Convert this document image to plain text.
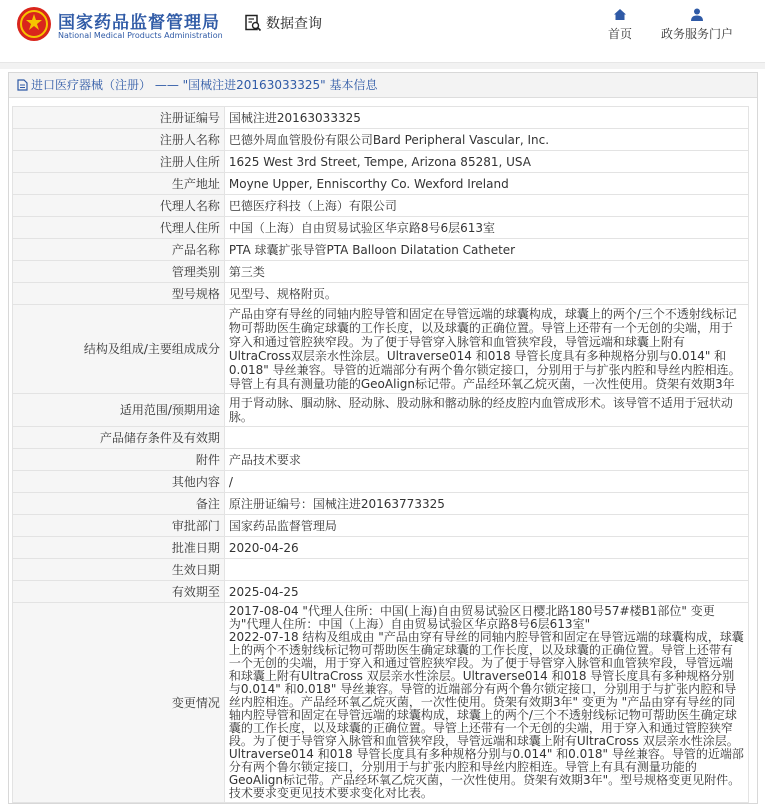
国家药品监督管理局
National Medical Products Administration
数据查询
首页	政务服务门户
进口医疗器械（注册） —— "国械注进20163033325" 基本信息
注册证编号	国械注进20163033325
注册人名称	巴德外周血管股份有限公司Bard Peripheral Vascular, Inc.
注册人住所	1625 West 3rd Street, Tempe, Arizona 85281, USA
生产地址	Moyne Upper, Enniscorthy Co. Wexford Ireland
代理人名称	巴德医疗科技（上海）有限公司
代理人住所	中国（上海）自由贸易试验区华京路8号6层613室
产品名称	PTA 球囊扩张导管PTA Balloon Dilatation Catheter
管理类别	第三类
型号规格	见型号、规格附页。
结构及组成/主要组成成分	产品由穿有导丝的同轴内腔导管和固定在导管远端的球囊构成，球囊上的两个/三个不透射线标记物可帮助医生确定球囊的工作长度，以及球囊的正确位置。导管上还带有一个无创的尖端，用于穿入和通过管腔狭窄段。为了便于导管穿入脉管和血管狭窄段，导管远端和球囊上附有UltraCross双层亲水性涂层。Ultraverse014 和018 导管长度具有多种规格分别与0.014" 和0.018" 导丝兼容。导管的近端部分有两个鲁尔锁定接口，分别用于与扩张内腔和导丝内腔相连。导管上有具有测量功能的GeoAlign标记带。产品经环氧乙烷灭菌，一次性使用。贷架有效期3年
适用范围/预期用途	用于肾动脉、腘动脉、胫动脉、股动脉和髂动脉的经皮腔内血管成形术。该导管不适用于冠状动脉。
产品储存条件及有效期	
附件	产品技术要求
其他内容	/
备注	原注册证编号：国械注进20163773325
审批部门	国家药品监督管理局
批准日期	2020-04-26
生效日期	
有效期至	2025-04-25
变更情况	2017-08-04 "代理人住所：中国(上海)自由贸易试验区日樱北路180号57#楼B1部位" 变更为"代理人住所：中国（上海）自由贸易试验区华京路8号6层613室"
2022-07-18 结构及组成由 "产品由穿有导丝的同轴内腔导管和固定在导管远端的球囊构成，球囊上的两个不透射线标记物可帮助医生确定球囊的工作长度，以及球囊的正确位置。导管上还带有一个无创的尖端，用于穿入和通过管腔狭窄段。为了便于导管穿入脉管和血管狭窄段，导管远端和球囊上附有UltraCross 双层亲水性涂层。Ultraverse014 和018 导管长度具有多种规格分别与0.014" 和0.018" 导丝兼容。导管的近端部分有两个鲁尔锁定接口，分别用于与扩张内腔和导丝内腔相连。产品经环氧乙烷灭菌，一次性使用。贷架有效期3年" 变更为 "产品由穿有导丝的同轴内腔导管和固定在导管远端的球囊构成，球囊上的两个/三个不透射线标记物可帮助医生确定球囊的工作长度，以及球囊的正确位置。导管上还带有一个无创的尖端，用于穿入和通过管腔狭窄段。为了便于导管穿入脉管和血管狭窄段，导管远端和球囊上附有UltraCross 双层亲水性涂层。Ultraverse014 和018 导管长度具有多种规格分别与0.014" 和0.018" 导丝兼容。导管的近端部分有两个鲁尔锁定接口，分别用于与扩张内腔和导丝内腔相连。导管上有具有测量功能的GeoAlign标记带。产品经环氧乙烷灭菌，一次性使用。贷架有效期3年"。型号规格变更见附件。技术要求变更见技术要求变化对比表。
